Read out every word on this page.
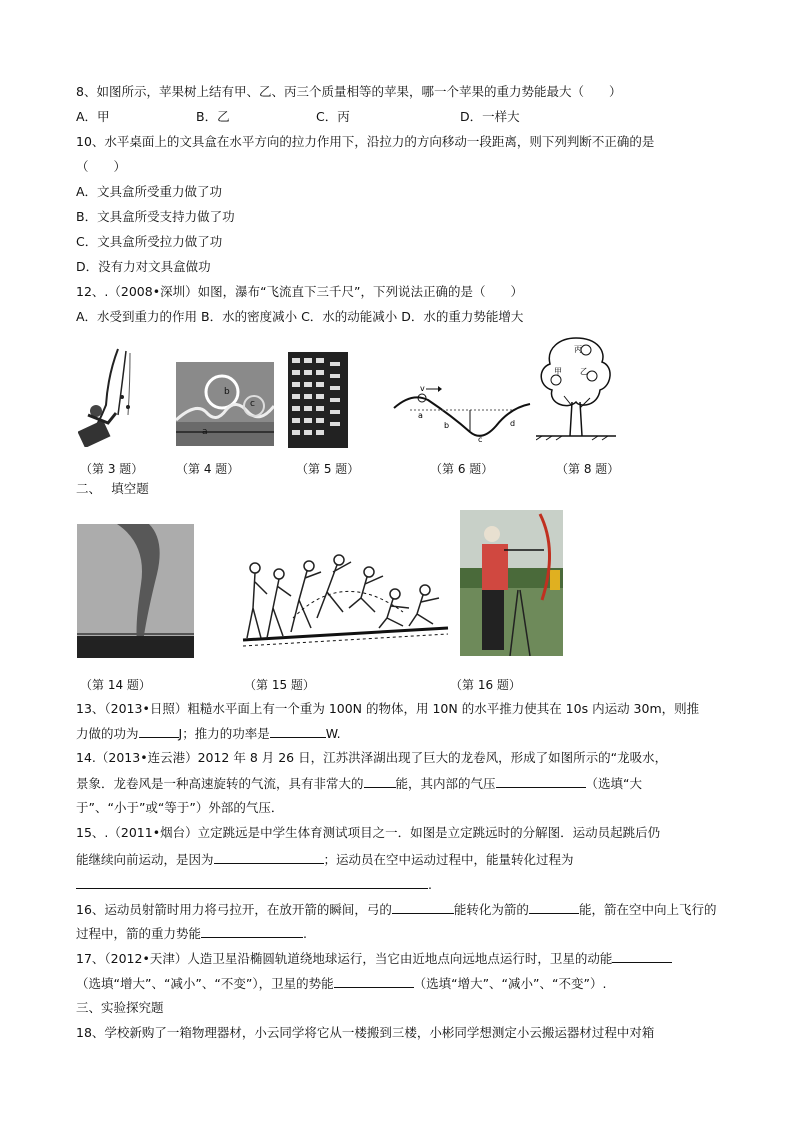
8、如图所示，苹果树上结有甲、乙、丙三个质量相等的苹果，哪一个苹果的重力势能最大（　　）
A．甲	B．乙	C．丙	D．一样大
10、水平桌面上的文具盒在水平方向的拉力作用下，沿拉力的方向移动一段距离，则下列判断不正确的是
（　　）
A．文具盒所受重力做了功
B．文具盒所受支持力做了功
C．文具盒所受拉力做了功
D．没有力对文具盒做功
12、.（2008•深圳）如图，瀑布“飞流直下三千尺”，下列说法正确的是（　　）
A．水受到重力的作用 B．水的密度减小 C．水的动能减小 D．水的重力势能增大
b
c
a
v
a
b
c
d
丙
乙
甲
（第 3 题）	（第 4 题）	（第 5 题）	（第 6 题）	（第 8 题）
二、　 填空题
（第 14 题）	（第 15 题）	（第 16 题）
13、（2013•日照）粗糙水平面上有一个重为 100N 的物体，用 10N 的水平推力使其在 10s 内运动 30m，则推
力做的功为	J；推力的功率是	W.
14.（2013•连云港）2012 年 8 月 26 日，江苏洪泽湖出现了巨大的龙卷风，形成了如图所示的“龙吸水，
景象．龙卷风是一种高速旋转的气流，具有非常大的	能，其内部的气压	（选填“大
于”、“小于”或“等于”）外部的气压．
15、.（2011•烟台）立定跳远是中学生体育测试项目之一．如图是立定跳远时的分解图．运动员起跳后仍
能继续向前运动，是因为	；运动员在空中运动过程中，能量转化过程为
.
16、运动员射箭时用力将弓拉开，在放开箭的瞬间，弓的	能转化为箭的	能，箭在空中向上飞行的
过程中，箭的重力势能	.
17、（2012•天津）人造卫星沿椭圆轨道绕地球运行，当它由近地点向远地点运行时，卫星的动能
（选填“增大”、“减小”、“不变”），卫星的势能	（选填“增大”、“减小”、“不变”）.
三、实验探究题
18、学校新购了一箱物理器材，小云同学将它从一楼搬到三楼，小彬同学想测定小云搬运器材过程中对箱
